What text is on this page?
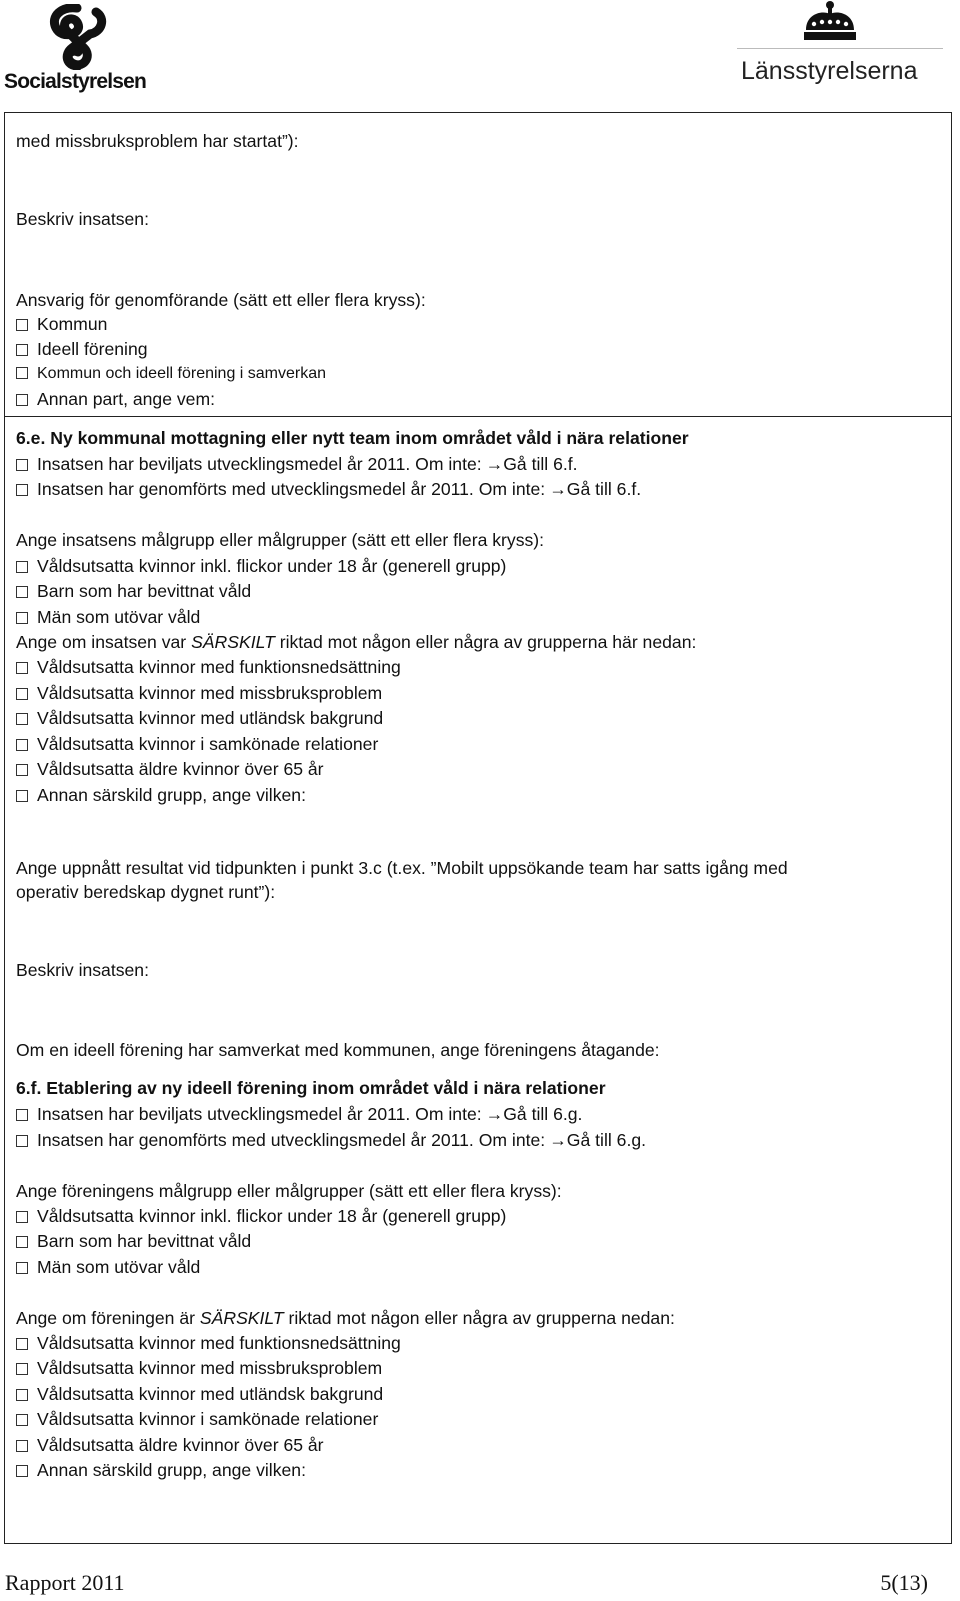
Socialstyrelsen	Länsstyrelserna
med missbruksproblem har startat”):
Beskriv insatsen:
Ansvarig för genomförande (sätt ett eller flera kryss):
Kommun
Ideell förening
Kommun och ideell förening i samverkan
Annan part, ange vem:
6.e. Ny kommunal mottagning eller nytt team inom området våld i nära relationer
Insatsen har beviljats utvecklingsmedel år 2011. Om inte: →Gå till 6.f.
Insatsen har genomförts med utvecklingsmedel år 2011. Om inte: →Gå till 6.f.
Ange insatsens målgrupp eller målgrupper (sätt ett eller flera kryss):
Våldsutsatta kvinnor inkl. flickor under 18 år (generell grupp)
Barn som har bevittnat våld
Män som utövar våld
Ange om insatsen var SÄRSKILT riktad mot någon eller några av grupperna här nedan:
Våldsutsatta kvinnor med funktionsnedsättning
Våldsutsatta kvinnor med missbruksproblem
Våldsutsatta kvinnor med utländsk bakgrund
Våldsutsatta kvinnor i samkönade relationer
Våldsutsatta äldre kvinnor över 65 år
Annan särskild grupp, ange vilken:
Ange uppnått resultat vid tidpunkten i punkt 3.c (t.ex. ”Mobilt uppsökande team har satts igång med
operativ beredskap dygnet runt”):
Beskriv insatsen:
Om en ideell förening har samverkat med kommunen, ange föreningens åtagande:
6.f. Etablering av ny ideell förening inom området våld i nära relationer
Insatsen har beviljats utvecklingsmedel år 2011. Om inte: →Gå till 6.g.
Insatsen har genomförts med utvecklingsmedel år 2011. Om inte: →Gå till 6.g.
Ange föreningens målgrupp eller målgrupper (sätt ett eller flera kryss):
Våldsutsatta kvinnor inkl. flickor under 18 år (generell grupp)
Barn som har bevittnat våld
Män som utövar våld
Ange om föreningen är SÄRSKILT riktad mot någon eller några av grupperna nedan:
Våldsutsatta kvinnor med funktionsnedsättning
Våldsutsatta kvinnor med missbruksproblem
Våldsutsatta kvinnor med utländsk bakgrund
Våldsutsatta kvinnor i samkönade relationer
Våldsutsatta äldre kvinnor över 65 år
Annan särskild grupp, ange vilken:
Rapport 2011	5(13)
